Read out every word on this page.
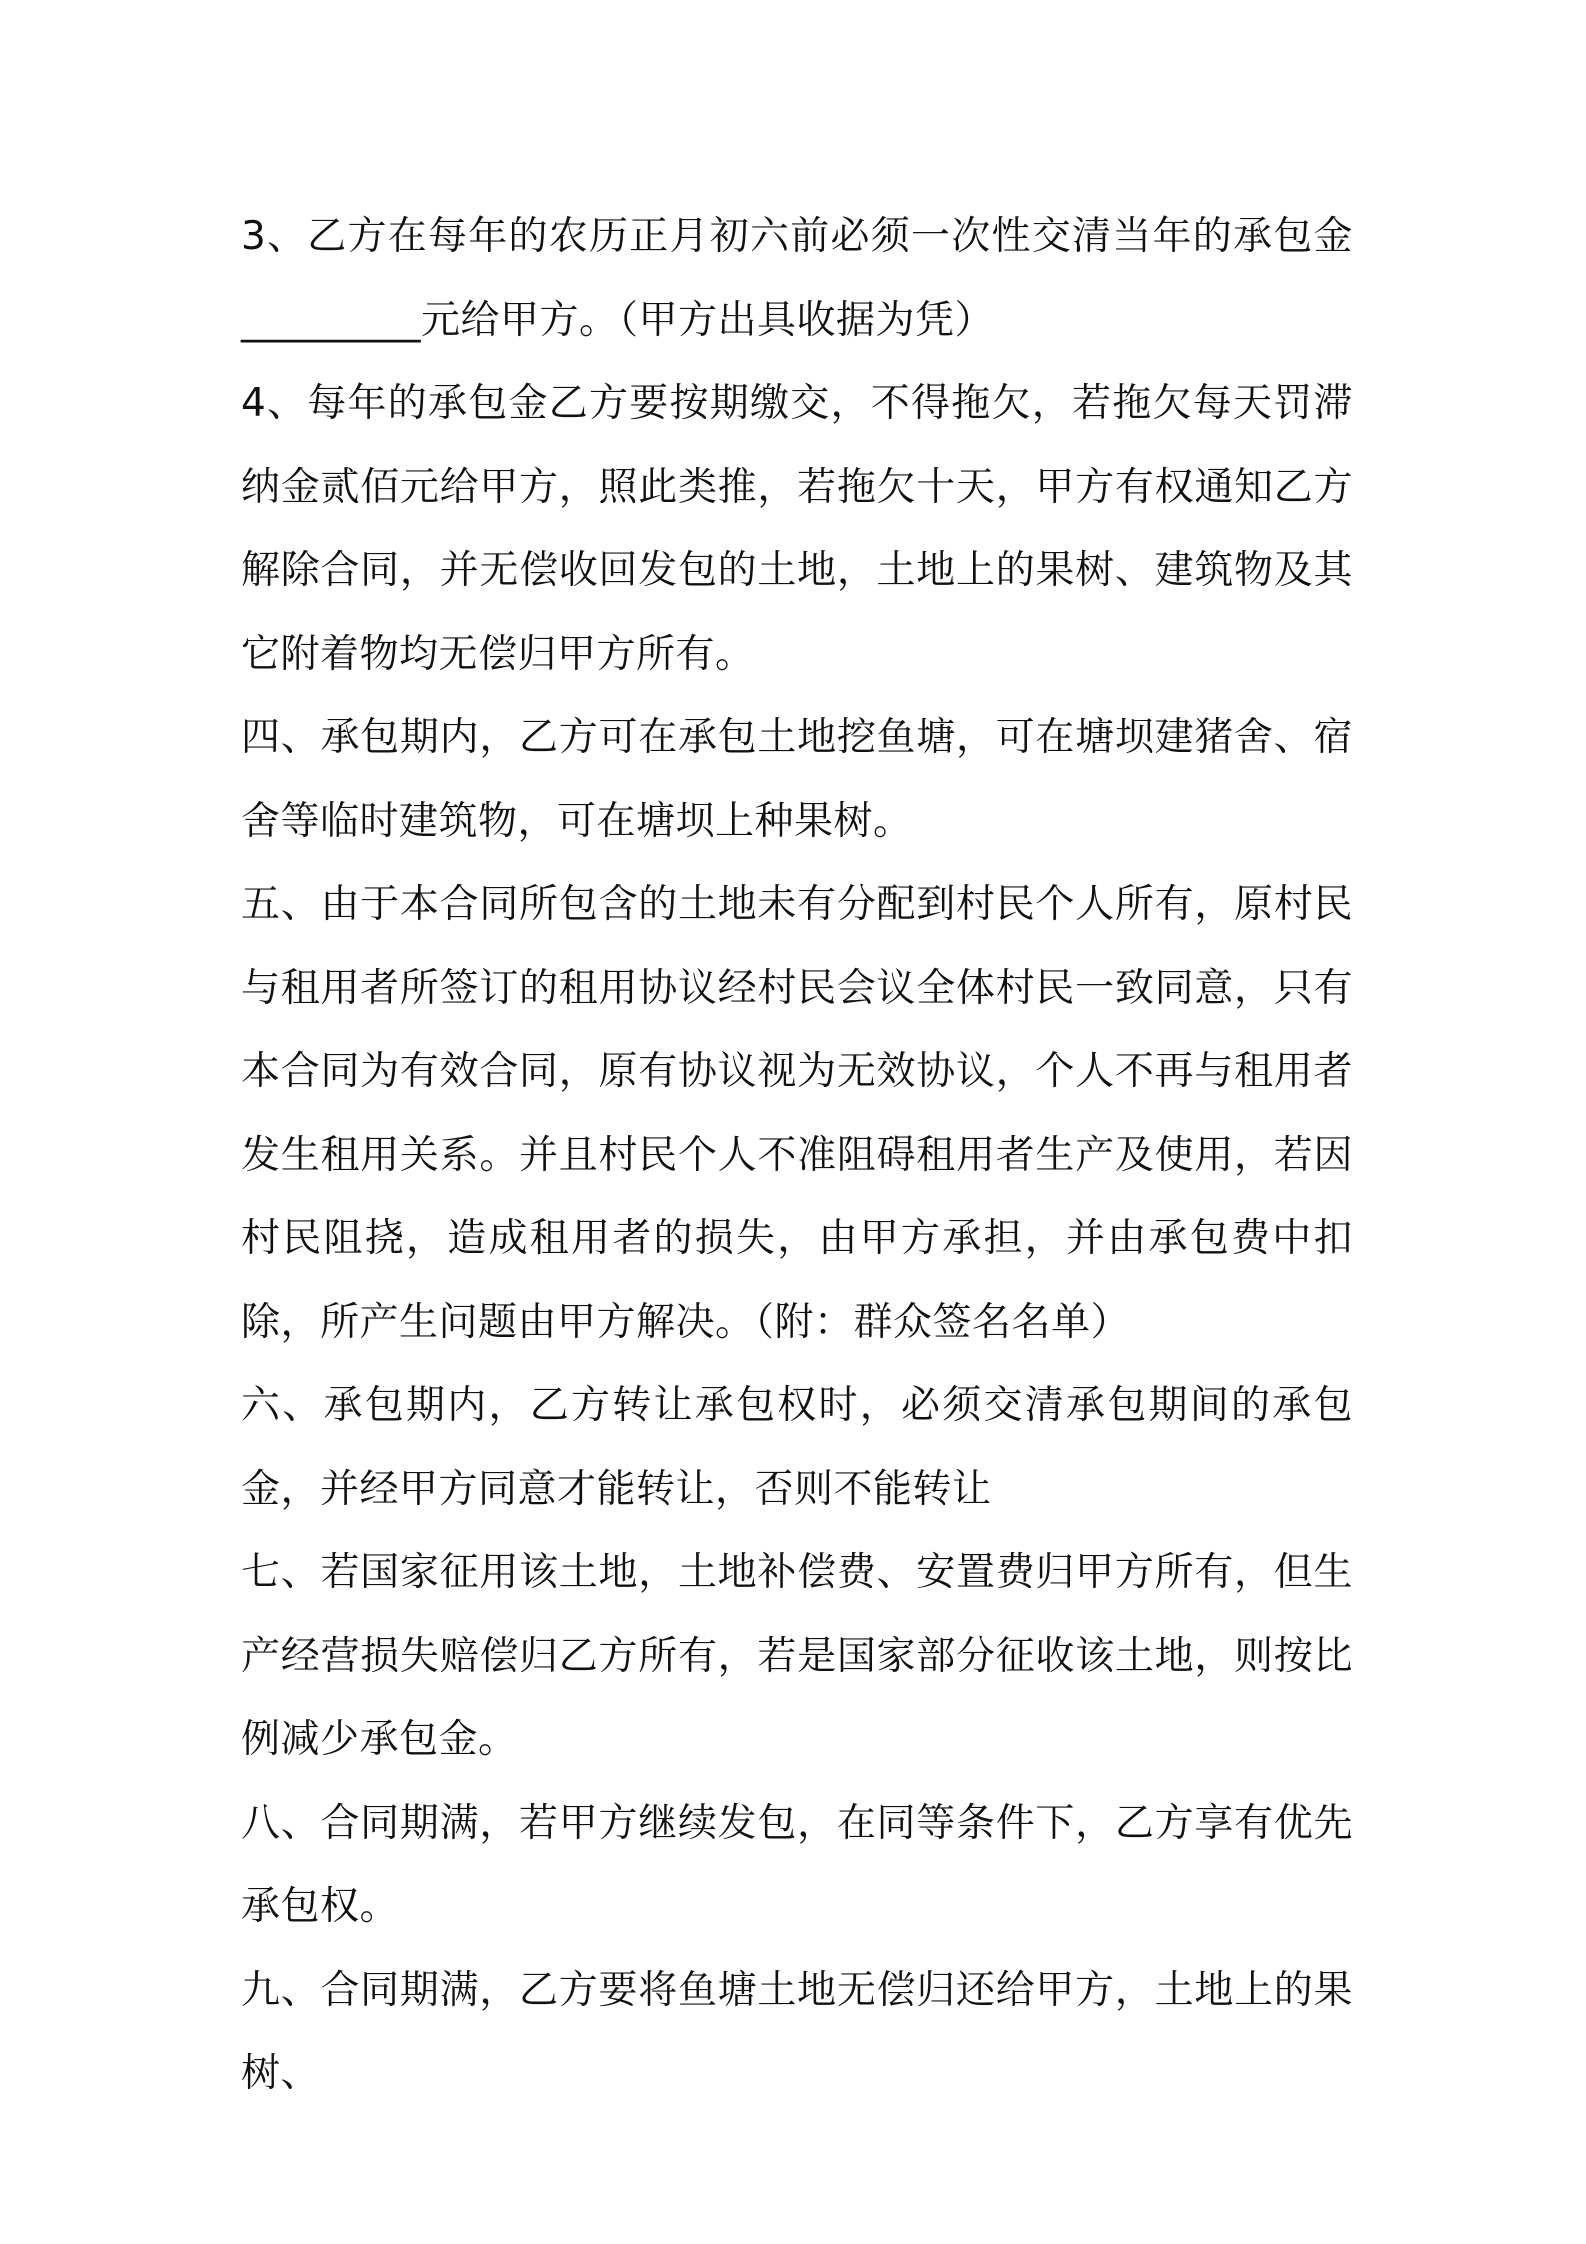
3、乙方在每年的农历正月初六前必须一次性交清当年的承包金 _________元给甲方。（甲方出具收据为凭）

4、每年的承包金乙方要按期缴交，不得拖欠，若拖欠每天罚滞纳金贰佰元给甲方，照此类推，若拖欠十天，甲方有权通知乙方解除合同，并无偿收回发包的土地，土地上的果树、建筑物及其它附着物均无偿归甲方所有。

四、承包期内，乙方可在承包土地挖鱼塘，可在塘坝建猪舍、宿舍等临时建筑物，可在塘坝上种果树。

五、由于本合同所包含的土地未有分配到村民个人所有，原村民与租用者所签订的租用协议经村民会议全体村民一致同意，只有本合同为有效合同，原有协议视为无效协议，个人不再与租用者发生租用关系。并且村民个人不准阻碍租用者生产及使用，若因村民阻挠，造成租用者的损失，由甲方承担，并由承包费中扣除，所产生问题由甲方解决。（附：群众签名名单）

六、承包期内，乙方转让承包权时，必须交清承包期间的承包金，并经甲方同意才能转让，否则不能转让

七、若国家征用该土地，土地补偿费、安置费归甲方所有，但生产经营损失赔偿归乙方所有，若是国家部分征收该土地，则按比例减少承包金。

八、合同期满，若甲方继续发包，在同等条件下，乙方享有优先承包权。

九、合同期满，乙方要将鱼塘土地无偿归还给甲方，土地上的果树、
